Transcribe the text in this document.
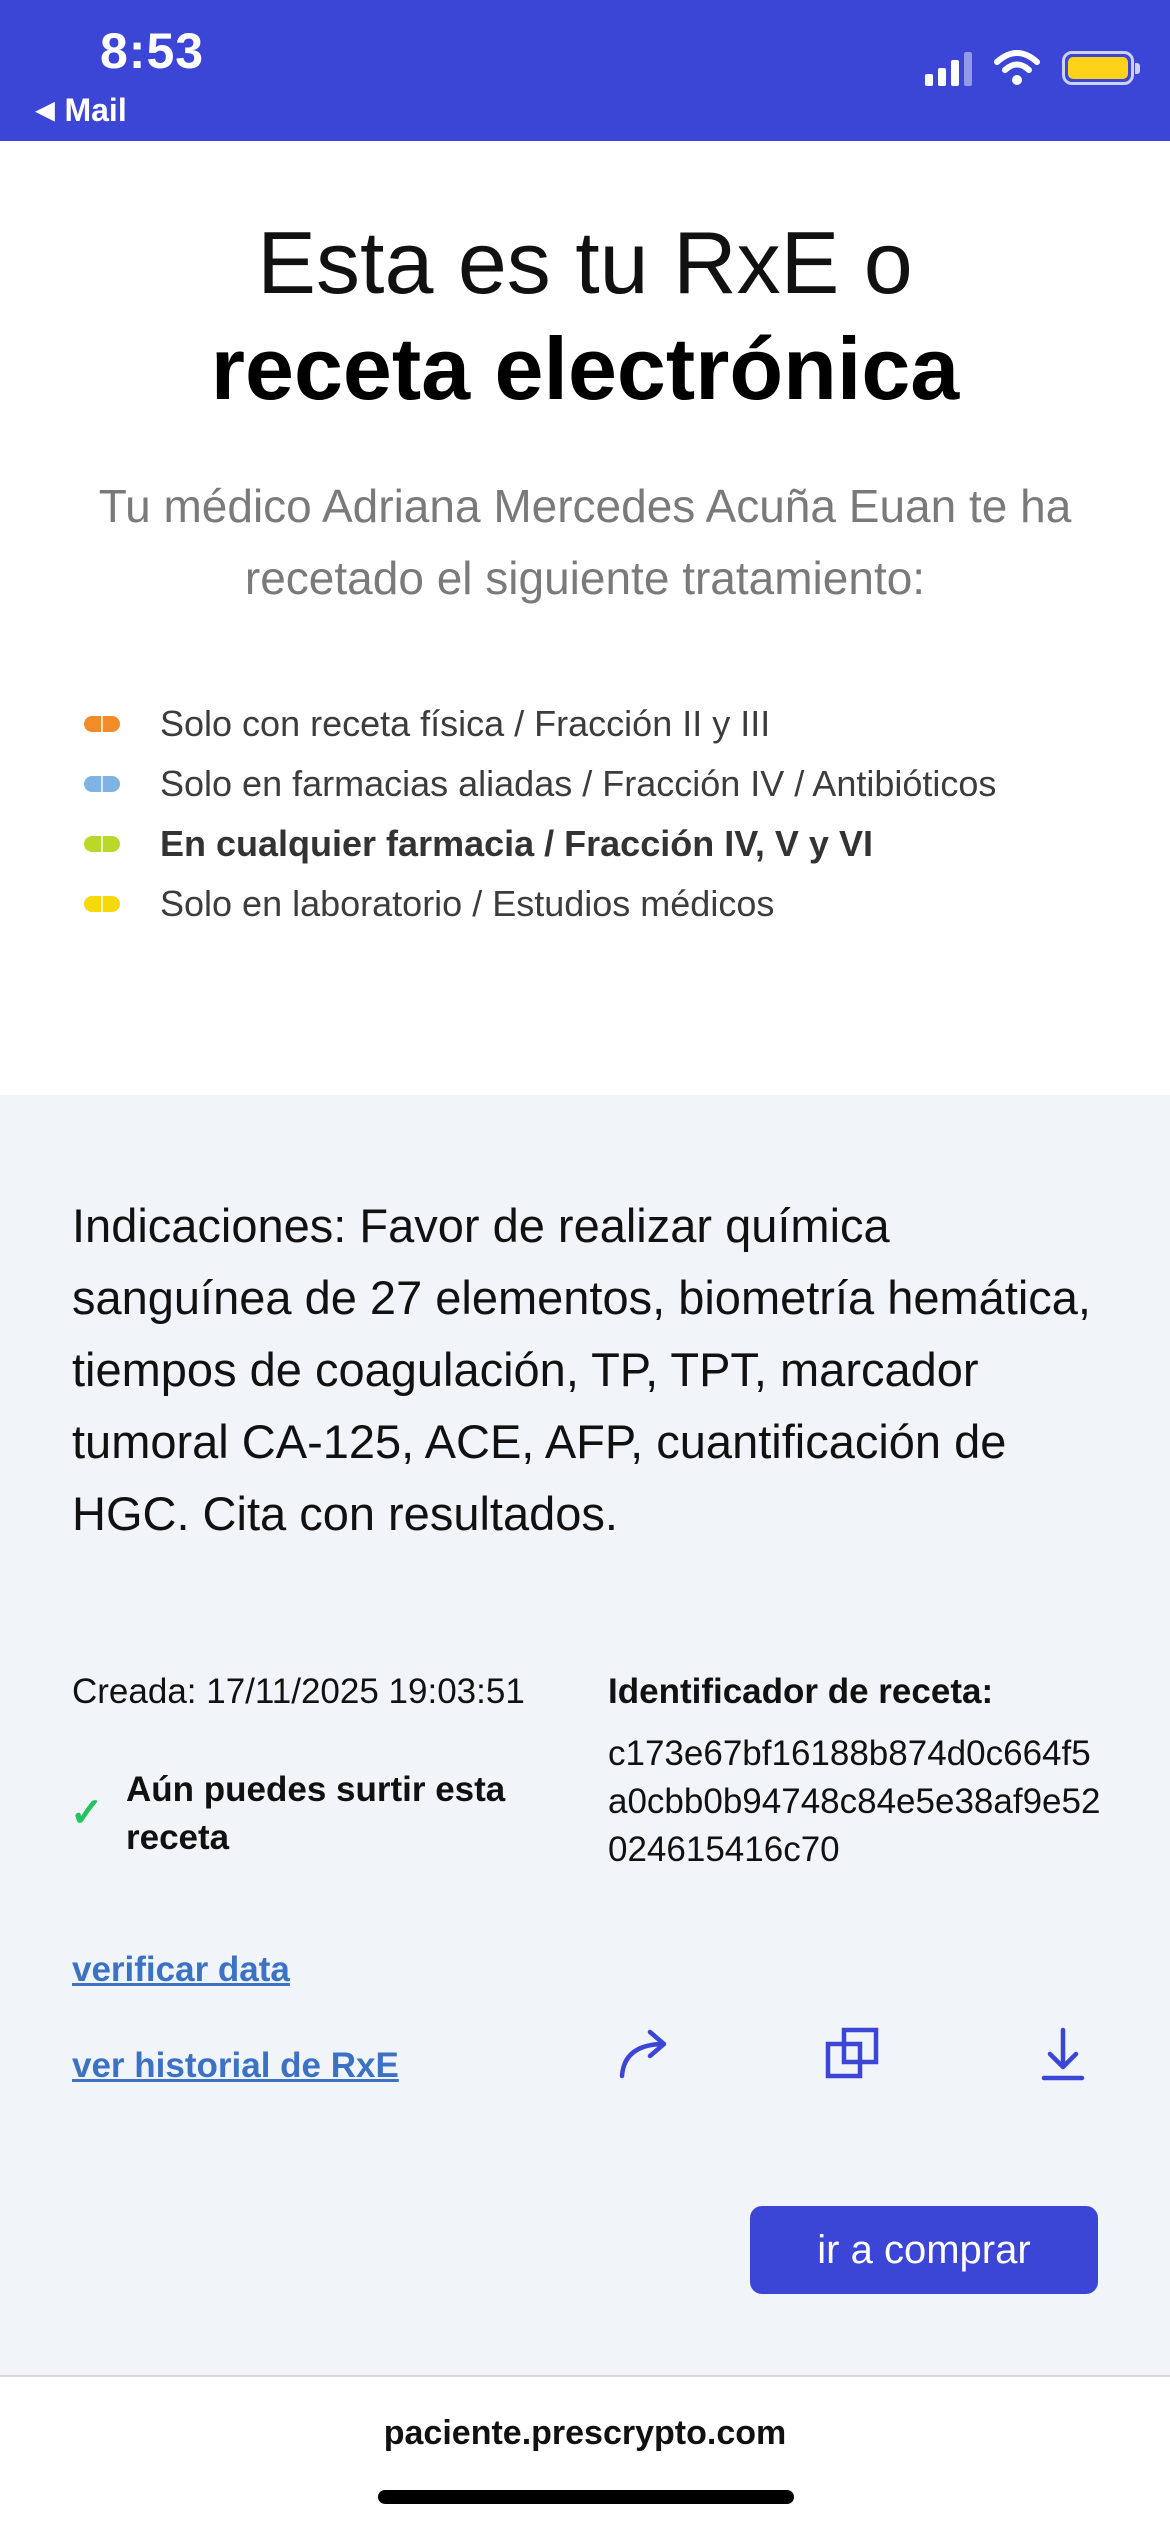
8:53
◀ Mail
Esta es tu RxE o
receta electrónica
Tu médico Adriana Mercedes Acuña Euan te ha recetado el siguiente tratamiento:
Solo con receta física / Fracción II y III
Solo en farmacias aliadas / Fracción IV / Antibióticos
En cualquier farmacia / Fracción IV, V y VI
Solo en laboratorio / Estudios médicos
Indicaciones: Favor de realizar química sanguínea de 27 elementos, biometría hemática, tiempos de coagulación, TP, TPT, marcador tumoral CA-125, ACE, AFP, cuantificación de HGC. Cita con resultados.
Creada: 17/11/2025 19:03:51 Identificador de receta:
c173e67bf16188b874d0c664f5a0cbb0b94748c84e5e38af9e52024615416c70
✓
Aún puedes surtir esta receta
verificar data
ver historial de RxE
ir a comprar
paciente.prescrypto.com
